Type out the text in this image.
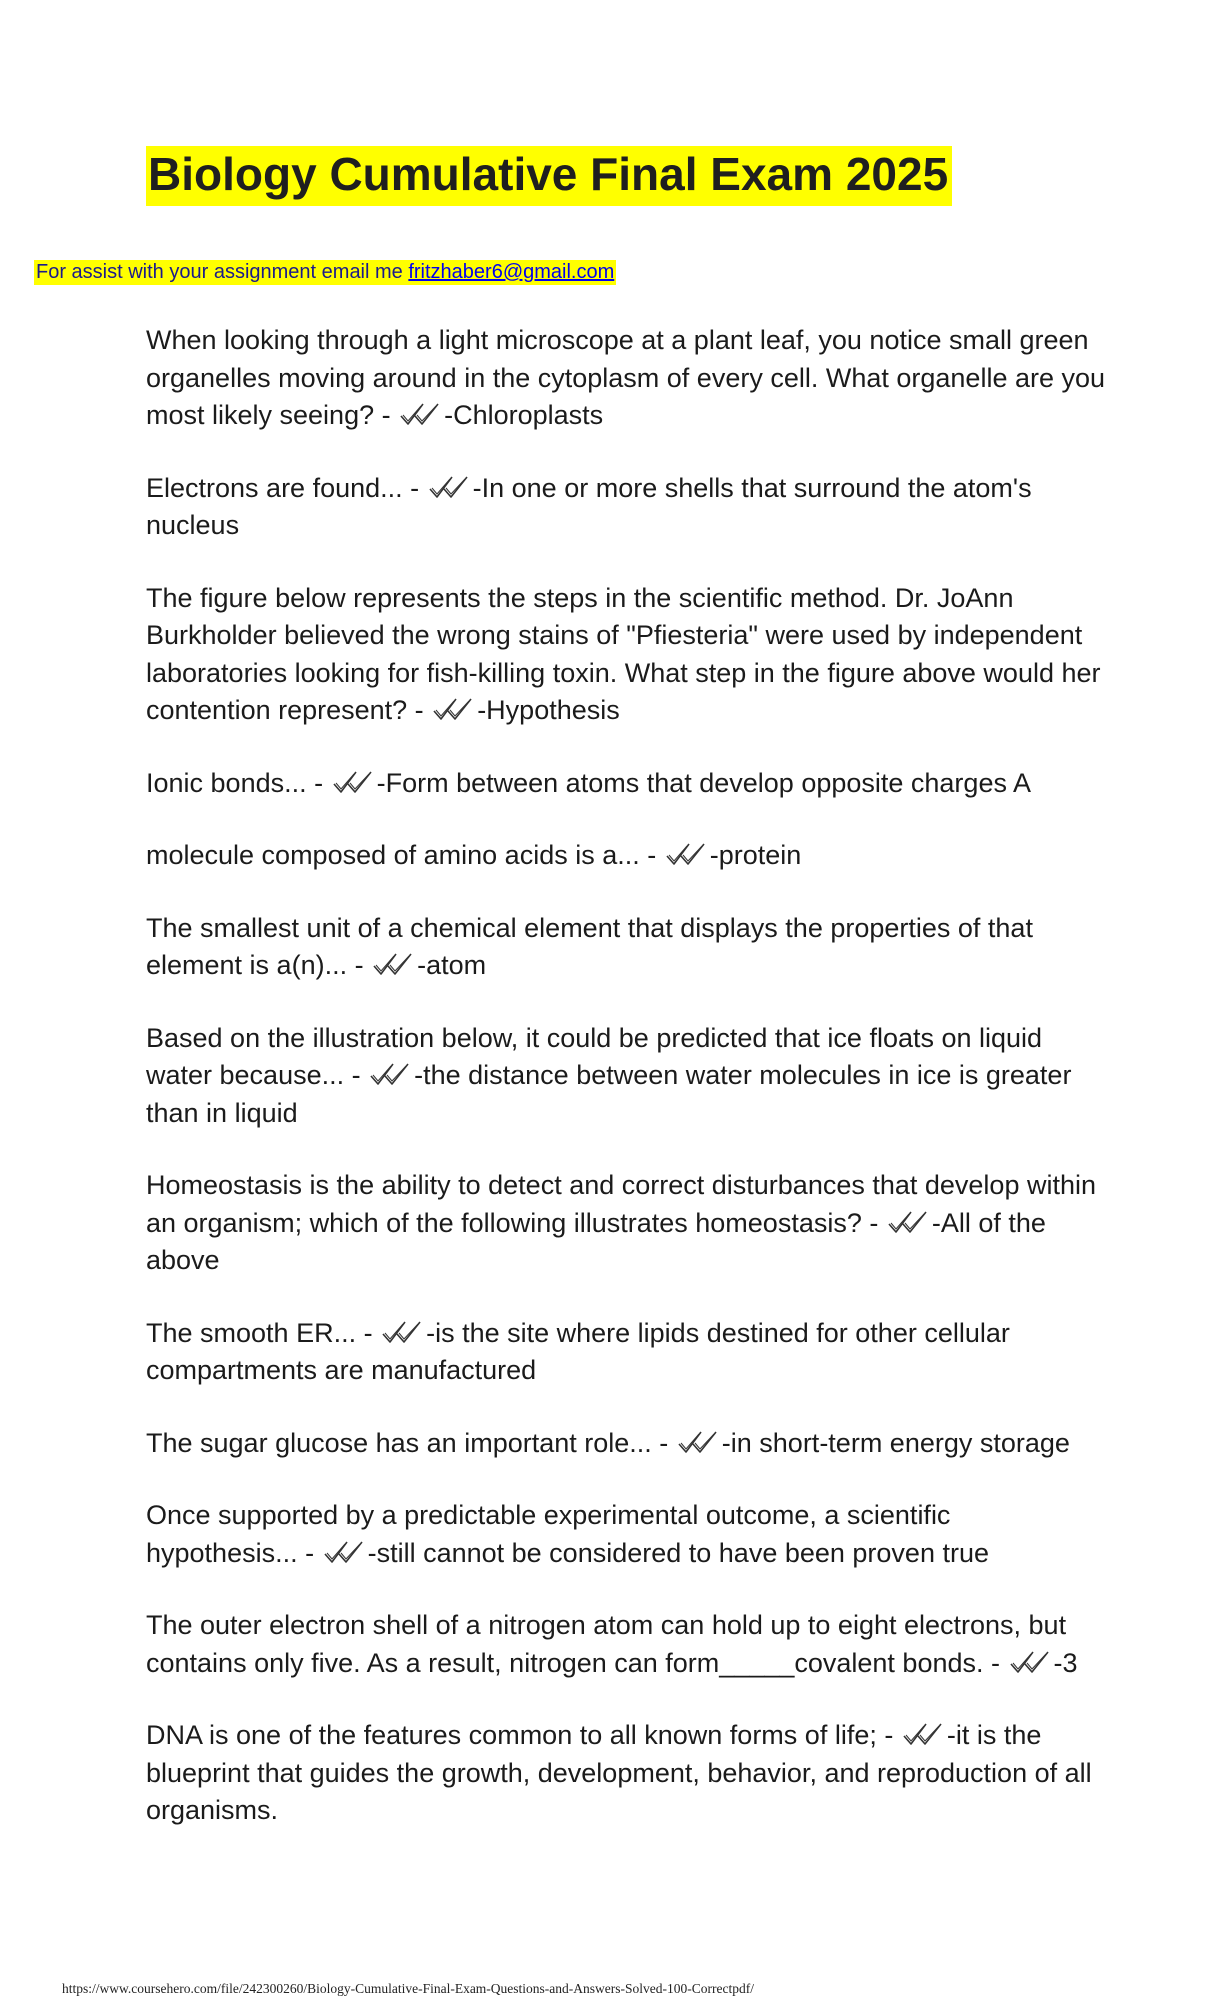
Biology Cumulative Final Exam 2025
For assist with your assignment email me fritzhaber6@gmail.com

When looking through a light microscope at a plant leaf, you notice small green organelles moving around in the cytoplasm of every cell. What organelle are you most likely seeing? -
-Chloroplasts

Electrons are found... -
-In one or more shells that surround the atom's nucleus

The figure below represents the steps in the scientific method. Dr. JoAnn Burkholder believed the wrong stains of "Pfiesteria" were used by independent laboratories looking for fish-killing toxin. What step in the figure above would her contention represent? -
-Hypothesis

Ionic bonds... -
-Form between atoms that develop opposite charges A

molecule composed of amino acids is a... -
-protein

The smallest unit of a chemical element that displays the properties of that element is a(n)... -
-atom

Based on the illustration below, it could be predicted that ice floats on liquid water because... -
-the distance between water molecules in ice is greater than in liquid

Homeostasis is the ability to detect and correct disturbances that develop within an organism; which of the following illustrates homeostasis? -
-All of the above

The smooth ER... -
-is the site where lipids destined for other cellular compartments are manufactured

The sugar glucose has an important role... -
-in short-term energy storage

Once supported by a predictable experimental outcome, a scientific hypothesis... -
-still cannot be considered to have been proven true

The outer electron shell of a nitrogen atom can hold up to eight electrons, but contains only five. As a result, nitrogen can form_____covalent bonds. -
-3

DNA is one of the features common to all known forms of life; -
-it is the blueprint that guides the growth, development, behavior, and reproduction of all organisms.

https://www.coursehero.com/file/242300260/Biology-Cumulative-Final-Exam-Questions-and-Answers-Solved-100-Correctpdf/
